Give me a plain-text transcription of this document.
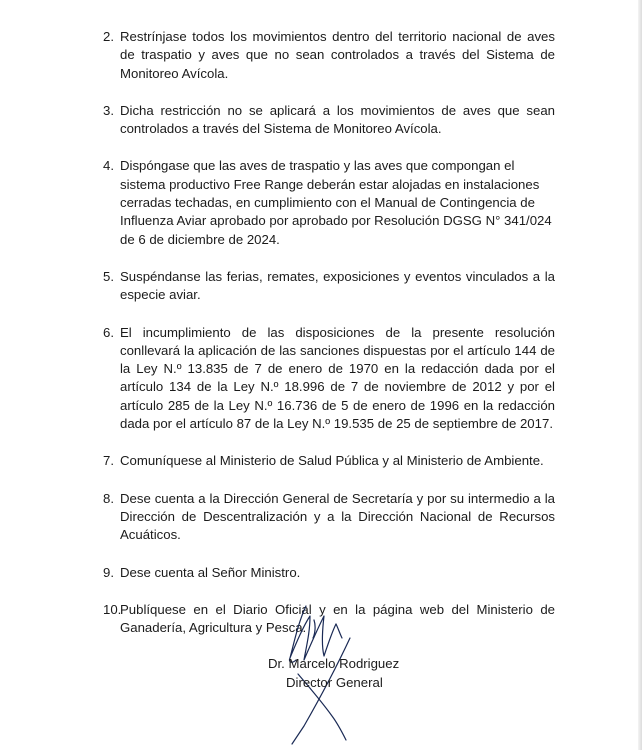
2. Restrínjase todos los movimientos dentro del territorio nacional de aves de traspatio y aves que no sean controlados a través del Sistema de Monitoreo Avícola.
3. Dicha restricción no se aplicará a los movimientos de aves que sean controlados a través del Sistema de Monitoreo Avícola.
4. Dispóngase que las aves de traspatio y las aves que compongan el sistema productivo Free Range deberán estar alojadas en instalaciones cerradas techadas, en cumplimiento con el Manual de Contingencia de Influenza Aviar aprobado por aprobado por Resolución DGSG N° 341/024 de 6 de diciembre de 2024.
5. Suspéndanse las ferias, remates, exposiciones y eventos vinculados a la especie aviar.
6. El incumplimiento de las disposiciones de la presente resolución conllevará la aplicación de las sanciones dispuestas por el artículo 144 de la Ley N.º 13.835 de 7 de enero de 1970 en la redacción dada por el artículo 134 de la Ley N.º 18.996 de 7 de noviembre de 2012 y por el artículo 285 de la Ley N.º 16.736 de 5 de enero de 1996 en la redacción dada por el artículo 87 de la Ley N.º 19.535 de 25 de septiembre de 2017.
7. Comuníquese al Ministerio de Salud Pública y al Ministerio de Ambiente.
8. Dese cuenta a la Dirección General de Secretaría y por su intermedio a la Dirección de Descentralización y a la Dirección Nacional de Recursos Acuáticos.
9. Dese cuenta al Señor Ministro.
10.
Publíquese en el Diario Oficial y en la página web del Ministerio de Ganadería, Agricultura y Pesca.
Dr. Marcelo Rodriguez
Director General
